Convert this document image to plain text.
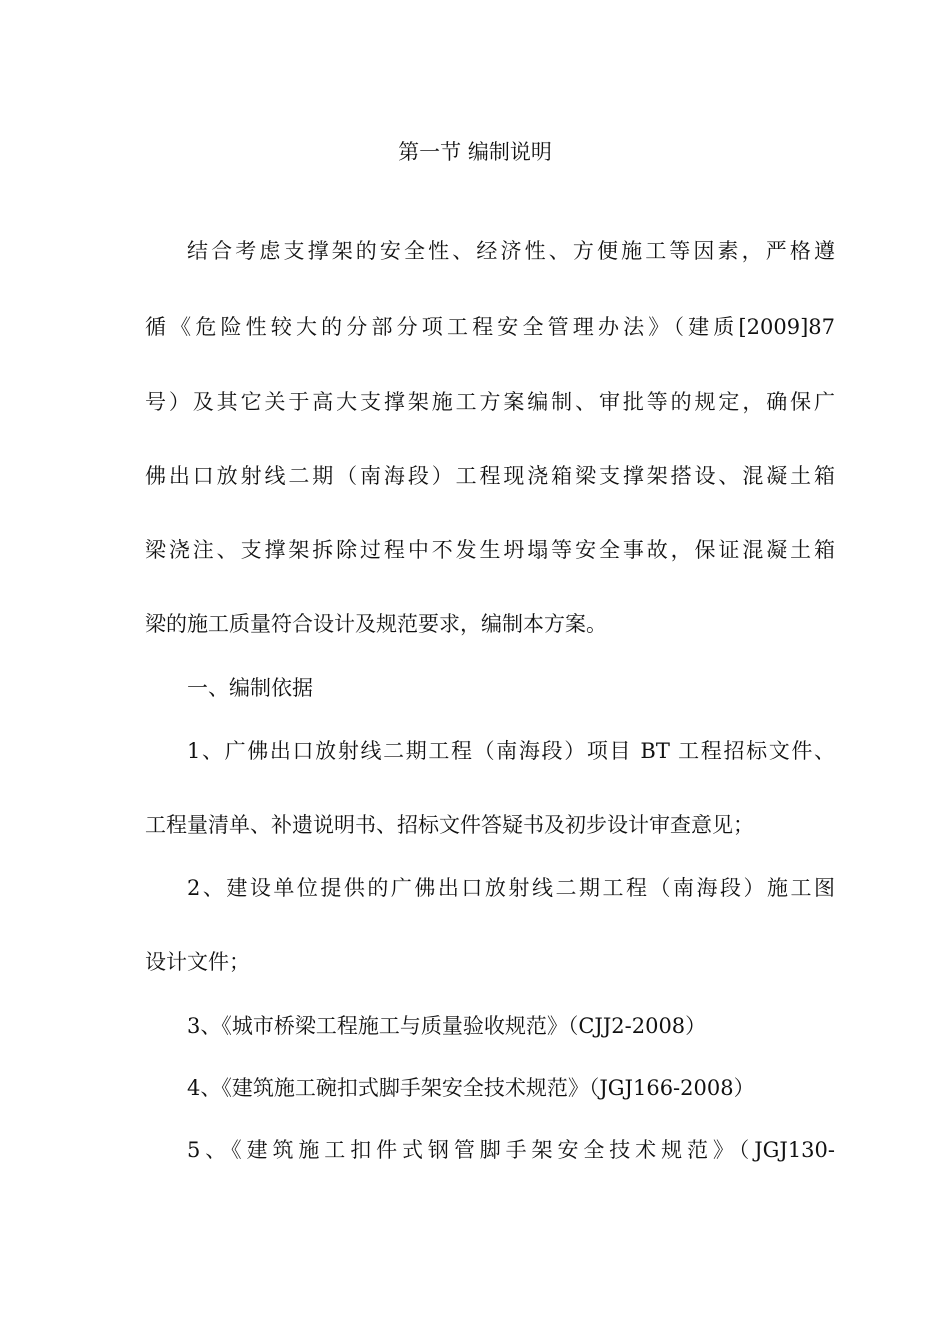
第一节 编制说明
结合考虑支撑架的安全性、经济性、方便施工等因素，严格遵
循《危险性较大的分部分项工程安全管理办法》（建质[2009]87
号）及其它关于高大支撑架施工方案编制、审批等的规定，确保广
佛出口放射线二期（南海段）工程现浇箱梁支撑架搭设、混凝土箱
梁浇注、支撑架拆除过程中不发生坍塌等安全事故，保证混凝土箱
梁的施工质量符合设计及规范要求，编制本方案。
一、编制依据
1、广佛出口放射线二期工程（南海段）项目 BT 工程招标文件、
工程量清单、补遗说明书、招标文件答疑书及初步设计审查意见；
2、建设单位提供的广佛出口放射线二期工程（南海段）施工图
设计文件；
3、《城市桥梁工程施工与质量验收规范》（CJJ2-2008）
4、《建筑施工碗扣式脚手架安全技术规范》（JGJ166-2008）
5、《建筑施工扣件式钢管脚手架安全技术规范》（JGJ130-
